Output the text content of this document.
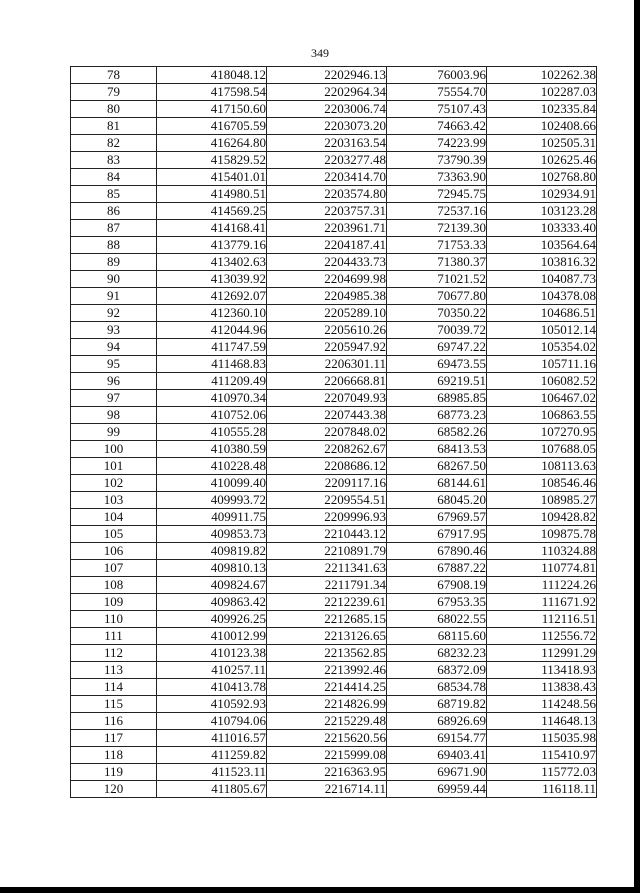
349
78	418048.12	2202946.13	76003.96	102262.38
79	417598.54	2202964.34	75554.70	102287.03
80	417150.60	2203006.74	75107.43	102335.84
81	416705.59	2203073.20	74663.42	102408.66
82	416264.80	2203163.54	74223.99	102505.31
83	415829.52	2203277.48	73790.39	102625.46
84	415401.01	2203414.70	73363.90	102768.80
85	414980.51	2203574.80	72945.75	102934.91
86	414569.25	2203757.31	72537.16	103123.28
87	414168.41	2203961.71	72139.30	103333.40
88	413779.16	2204187.41	71753.33	103564.64
89	413402.63	2204433.73	71380.37	103816.32
90	413039.92	2204699.98	71021.52	104087.73
91	412692.07	2204985.38	70677.80	104378.08
92	412360.10	2205289.10	70350.22	104686.51
93	412044.96	2205610.26	70039.72	105012.14
94	411747.59	2205947.92	69747.22	105354.02
95	411468.83	2206301.11	69473.55	105711.16
96	411209.49	2206668.81	69219.51	106082.52
97	410970.34	2207049.93	68985.85	106467.02
98	410752.06	2207443.38	68773.23	106863.55
99	410555.28	2207848.02	68582.26	107270.95
100	410380.59	2208262.67	68413.53	107688.05
101	410228.48	2208686.12	68267.50	108113.63
102	410099.40	2209117.16	68144.61	108546.46
103	409993.72	2209554.51	68045.20	108985.27
104	409911.75	2209996.93	67969.57	109428.82
105	409853.73	2210443.12	67917.95	109875.78
106	409819.82	2210891.79	67890.46	110324.88
107	409810.13	2211341.63	67887.22	110774.81
108	409824.67	2211791.34	67908.19	111224.26
109	409863.42	2212239.61	67953.35	111671.92
110	409926.25	2212685.15	68022.55	112116.51
111	410012.99	2213126.65	68115.60	112556.72
112	410123.38	2213562.85	68232.23	112991.29
113	410257.11	2213992.46	68372.09	113418.93
114	410413.78	2214414.25	68534.78	113838.43
115	410592.93	2214826.99	68719.82	114248.56
116	410794.06	2215229.48	68926.69	114648.13
117	411016.57	2215620.56	69154.77	115035.98
118	411259.82	2215999.08	69403.41	115410.97
119	411523.11	2216363.95	69671.90	115772.03
120	411805.67	2216714.11	69959.44	116118.11
